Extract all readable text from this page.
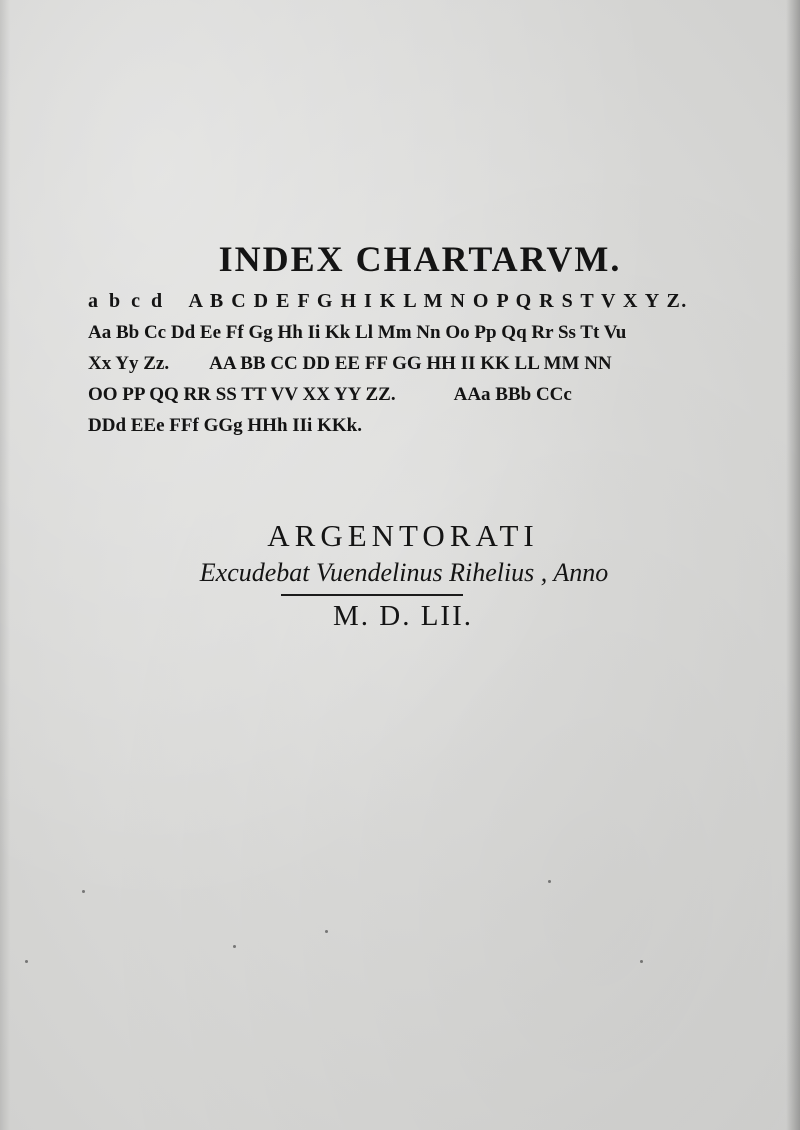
INDEX CHARTARVM.
a b c d A B C D E F G H I K L M N O P Q R S T V X Y Z.
Aa Bb Cc Dd Ee Ff Gg Hh Ii Kk Ll Mm Nn Oo Pp Qq Rr Ss Tt Vu
Xx Yy Zz. AA BB CC DD EE FF GG HH II KK LL MM NN
OO PP QQ RR SS TT VV XX YY ZZ.	AAa BBb CCc
DDd EEe FFf GGg HHh IIi KKk.
ARGENTORATI
Excudebat Vuendelinus Rihelius , Anno
M. D. LII.
